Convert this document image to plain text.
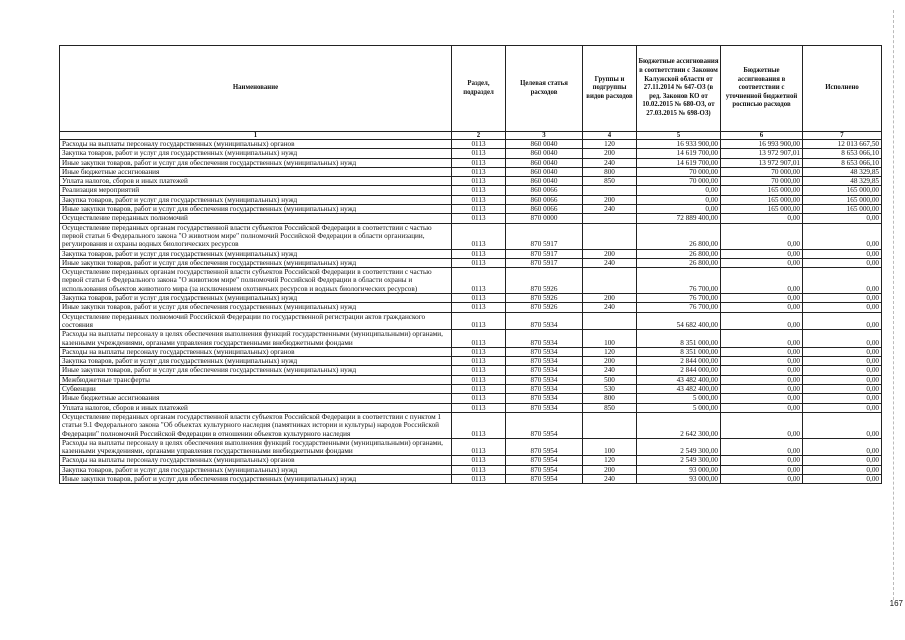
Наименование	Раздел, подраздел	Целевая статья расходов	Группы и подгруппы видов расходов	Бюджетные ассигнования в соответствии с Законом Калужской области от 27.11.2014 № 647-ОЗ (в ред. Законов КО от 10.02.2015 № 680-ОЗ, от 27.03.2015 № 698-ОЗ)	Бюджетные ассигнования в соответствии с уточненной бюджетной росписью расходов	Исполнено
1	2	3	4	5	6	7
Расходы на выплаты персоналу государственных (муниципальных) органов	0113	860 0040	120	16 933 900,00	16 993 900,00	12 013 667,50
Закупка товаров, работ и услуг для государственных (муниципальных) нужд	0113	860 0040	200	14 619 700,00	13 972 907,01	8 653 066,10
Иные закупки товаров, работ и услуг для обеспечения государственных (муниципальных) нужд	0113	860 0040	240	14 619 700,00	13 972 907,01	8 653 066,10
Иные бюджетные ассигнования	0113	860 0040	800	70 000,00	70 000,00	48 329,85
Уплата налогов, сборов и иных платежей	0113	860 0040	850	70 000,00	70 000,00	48 329,85
Реализация мероприятий	0113	860 0066		0,00	165 000,00	165 000,00
Закупка товаров, работ и услуг для государственных (муниципальных) нужд	0113	860 0066	200	0,00	165 000,00	165 000,00
Иные закупки товаров, работ и услуг для обеспечения государственных (муниципальных) нужд	0113	860 0066	240	0,00	165 000,00	165 000,00
Осуществление переданных полномочий	0113	870 0000		72 889 400,00	0,00	0,00
Осуществление переданных органам государственной власти субъектов Российской Федерации в соответствии с частью первой статьи 6 Федерального закона "О животном мире" полномочий Российской Федерации в области организации, регулирования и охраны водных биологических ресурсов	0113	870 5917		26 800,00	0,00	0,00
Закупка товаров, работ и услуг для государственных (муниципальных) нужд	0113	870 5917	200	26 800,00	0,00	0,00
Иные закупки товаров, работ и услуг для обеспечения государственных (муниципальных) нужд	0113	870 5917	240	26 800,00	0,00	0,00
Осуществление переданных органам государственной власти субъектов Российской Федерации в соответствии с частью первой статьи 6 Федерального закона "О животном мире" полномочий Российской Федерации в области охраны и использования объектов животного мира (за исключением охотничьих ресурсов и водных биологических ресурсов)	0113	870 5926		76 700,00	0,00	0,00
Закупка товаров, работ и услуг для государственных (муниципальных) нужд	0113	870 5926	200	76 700,00	0,00	0,00
Иные закупки товаров, работ и услуг для обеспечения государственных (муниципальных) нужд	0113	870 5926	240	76 700,00	0,00	0,00
Осуществление переданных полномочий Российской Федерации по государственной регистрации актов гражданского состояния	0113	870 5934		54 682 400,00	0,00	0,00
Расходы на выплаты персоналу в целях обеспечения выполнения функций государственными (муниципальными) органами, казенными учреждениями, органами управления государственными внебюджетными фондами	0113	870 5934	100	8 351 000,00	0,00	0,00
Расходы на выплаты персоналу государственных (муниципальных) органов	0113	870 5934	120	8 351 000,00	0,00	0,00
Закупка товаров, работ и услуг для государственных (муниципальных) нужд	0113	870 5934	200	2 844 000,00	0,00	0,00
Иные закупки товаров, работ и услуг для обеспечения государственных (муниципальных) нужд	0113	870 5934	240	2 844 000,00	0,00	0,00
Межбюджетные трансферты	0113	870 5934	500	43 482 400,00	0,00	0,00
Субвенции	0113	870 5934	530	43 482 400,00	0,00	0,00
Иные бюджетные ассигнования	0113	870 5934	800	5 000,00	0,00	0,00
Уплата налогов, сборов и иных платежей	0113	870 5934	850	5 000,00	0,00	0,00
Осуществление переданных органам государственной власти субъектов Российской Федерации в соответствии с пунктом 1 статьи 9.1 Федерального закона "Об объектах культурного наследия (памятниках истории и культуры) народов Российской Федерации" полномочий Российской Федерации в отношении объектов культурного наследия	0113	870 5954		2 642 300,00	0,00	0,00
Расходы на выплаты персоналу в целях обеспечения выполнения функций государственными (муниципальными) органами, казенными учреждениями, органами управления государственными внебюджетными фондами	0113	870 5954	100	2 549 300,00	0,00	0,00
Расходы на выплаты персоналу государственных (муниципальных) органов	0113	870 5954	120	2 549 300,00	0,00	0,00
Закупка товаров, работ и услуг для государственных (муниципальных) нужд	0113	870 5954	200	93 000,00	0,00	0,00
Иные закупки товаров, работ и услуг для обеспечения государственных (муниципальных) нужд	0113	870 5954	240	93 000,00	0,00	0,00
167
